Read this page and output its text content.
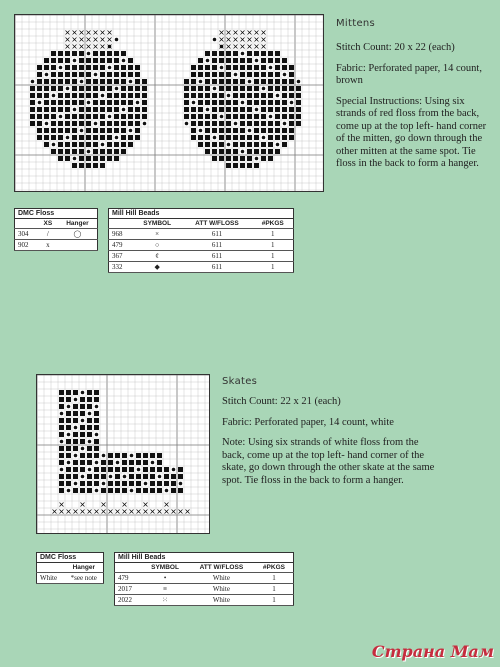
Mittens

Stitch Count: 20 x 22 (each)

Fabric: Perforated paper, 14 count, brown

Special Instructions: Using six strands of red floss from the back, come up at the top left- hand corner of the mitten, go down through the other mitten at the same spot. Tie floss in the back to form a hanger.

DMC Floss		
	XS	Hanger
304	/	◯
902	x	
Mill Hill Beads			
	SYMBOL	ATT W/FLOSS	#PKGS
968	×	611	1
479	○	611	1
367	¢	611	1
332	◆	611	1
Skates

Stitch Count: 22 x 21 (each)

Fabric: Perforated paper, 14 count, white

Note: Using six strands of white floss from the back, come up at the top left- hand corner of the skate, go down through the other skate at the same spot. Tie floss in the back to form a hanger.

DMC Floss	
	Hanger
White	*see note
Mill Hill Beads			
	SYMBOL	ATT W/FLOSS	#PKGS
479	•	White	1
2017	≡	White	1
2022	⁙	White	1
Страна Мам
